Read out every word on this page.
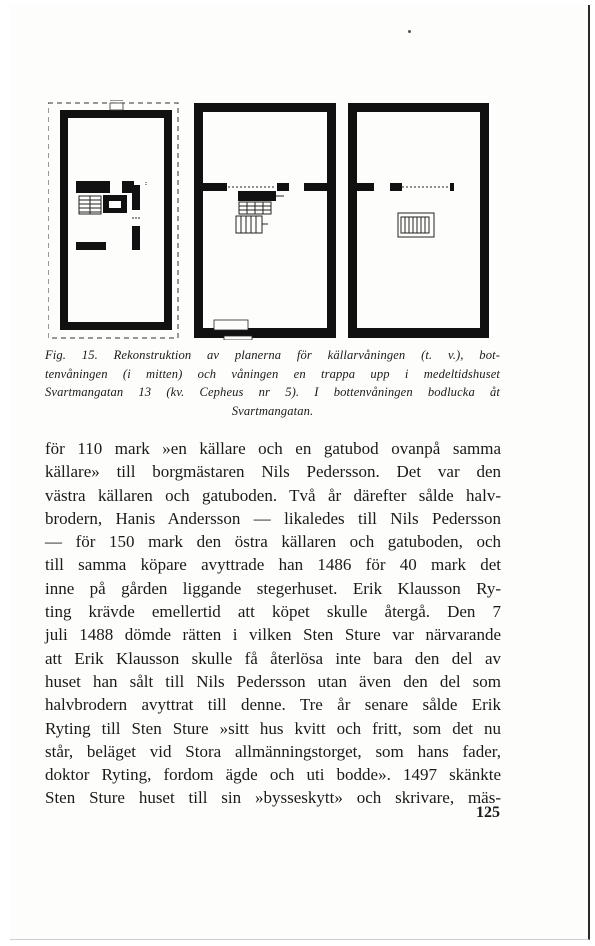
Fig. 15. Rekonstruktion av planerna för källarvåningen (t. v.), bot-
tenvåningen (i mitten) och våningen en trappa upp i medeltidshuset
Svartmangatan 13 (kv. Cepheus nr 5). I bottenvåningen bodlucka åt
Svartmangatan.
för 110 mark »en källare och en gatubod ovanpå samma
källare» till borgmästaren Nils Pedersson. Det var den
västra källaren och gatuboden. Två år därefter sålde halv-
brodern, Hanis Andersson — likaledes till Nils Pedersson
— för 150 mark den östra källaren och gatuboden, och
till samma köpare avyttrade han 1486 för 40 mark det
inne på gården liggande stegerhuset. Erik Klausson Ry-
ting krävde emellertid att köpet skulle återgå. Den 7
juli 1488 dömde rätten i vilken Sten Sture var närvarande
att Erik Klausson skulle få återlösa inte bara den del av
huset han sålt till Nils Pedersson utan även den del som
halvbrodern avyttrat till denne. Tre år senare sålde Erik
Ryting till Sten Sture »sitt hus kvitt och fritt, som det nu
står, beläget vid Stora allmänningstorget, som hans fader,
doktor Ryting, fordom ägde och uti bodde». 1497 skänkte
Sten Sture huset till sin »bysseskytt» och skrivare, mäs-
125
